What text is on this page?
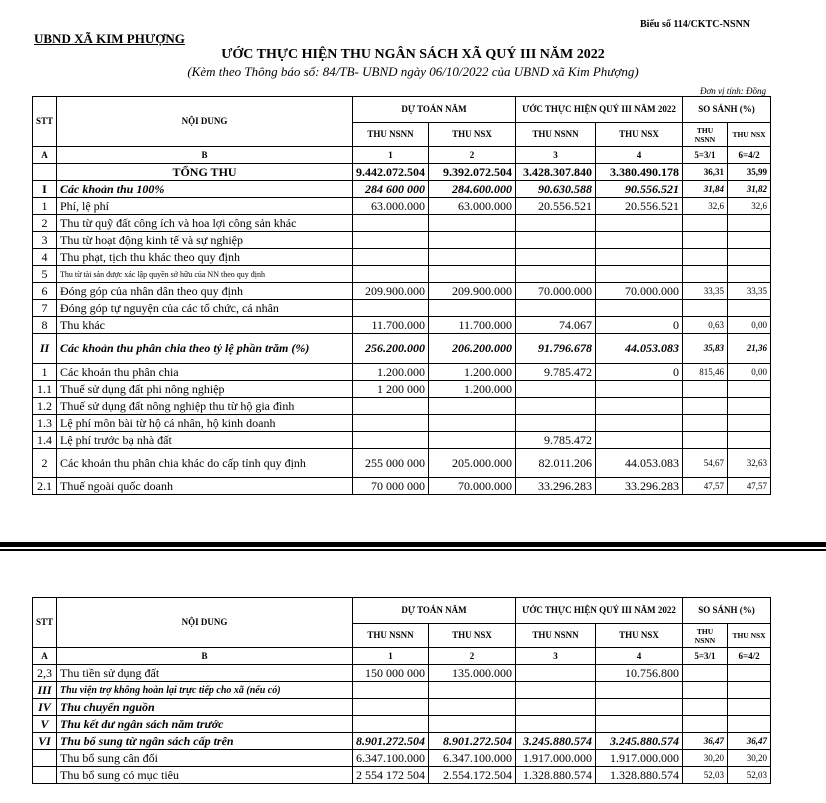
Biểu số 114/CKTC-NSNN
UBND XÃ KIM PHƯỢNG
ƯỚC THỰC HIỆN THU NGÂN SÁCH XÃ QUÝ III NĂM 2022
(Kèm theo Thông báo số: 84/TB- UBND ngày 06/10/2022 của UBND xã Kim Phượng)
Đơn vị tính: Đồng
STT	NỘI DUNG	DỰ TOÁN NĂM		ƯỚC THỰC HIỆN QUÝ III NĂM 2022		SO SÁNH (%)	
		THU NSNN	THU NSX	THU NSNN	THU NSX	THU NSNN	THU NSX
A	B	1	2	3	4	5=3/1	6=4/2
	TỔNG THU	9.442.072.504	9.392.072.504	3.428.307.840	3.380.490.178	36,31	35,99
I	Các khoản thu 100%	284 600 000	284.600.000	90.630.588	90.556.521	31,84	31,82
1	Phí, lệ phí	63.000.000	63.000.000	20.556.521	20.556.521	32,6	32,6
2	Thu từ quỹ đất công ích và hoa lợi công sản khác						
3	Thu từ hoạt động kinh tế và sự nghiệp						
4	Thu phạt, tịch thu khác theo quy định						
5	Thu từ tài sản được xác lập quyền sở hữu của NN theo quy định						
6	Đóng góp của nhân dân theo quy định	209.900.000	209.900.000	70.000.000	70.000.000	33,35	33,35
7	Đóng góp tự nguyện của các tổ chức, cá nhân						
8	Thu khác	11.700.000	11.700.000	74.067	0	0,63	0,00
II	Các khoản thu phân chia theo tỷ lệ phần trăm (%)	256.200.000	206.200.000	91.796.678	44.053.083	35,83	21,36
1	Các khoản thu phân chia	1.200.000	1.200.000	9.785.472	0	815,46	0,00
1.1	Thuế sử dụng đất phi nông nghiệp	1 200 000	1.200.000				
1.2	Thuế sử dụng đất nông nghiệp thu từ hộ gia đình						
1.3	Lệ phí môn bài từ hộ cá nhân, hộ kinh doanh						
1.4	Lệ phí trước bạ nhà đất			9.785.472			
2	Các khoản thu phân chia khác do cấp tỉnh quy định	255 000 000	205.000.000	82.011.206	44.053.083	54,67	32,63
2.1	Thuế ngoài quốc doanh	70 000 000	70.000.000	33.296.283	33.296.283	47,57	47,57
STT	NỘI DUNG	DỰ TOÁN NĂM		ƯỚC THỰC HIỆN QUÝ III NĂM 2022		SO SÁNH (%)	
		THU NSNN	THU NSX	THU NSNN	THU NSX	THU NSNN	THU NSX
A	B	1	2	3	4	5=3/1	6=4/2
2,3	Thu tiền sử dụng đất	150 000 000	135.000.000		10.756.800		
III	Thu viện trợ không hoàn lại trực tiếp cho xã (nếu có)						
IV	Thu chuyển nguồn						
V	Thu kết dư ngân sách năm trước						
VI	Thu bổ sung từ ngân sách cấp trên	8.901.272.504	8.901.272.504	3.245.880.574	3.245.880.574	36,47	36,47
	Thu bổ sung cân đối	6.347.100.000	6.347.100.000	1.917.000.000	1.917.000.000	30,20	30,20
	Thu bổ sung có mục tiêu	2 554 172 504	2.554.172.504	1.328.880.574	1.328.880.574	52,03	52,03
